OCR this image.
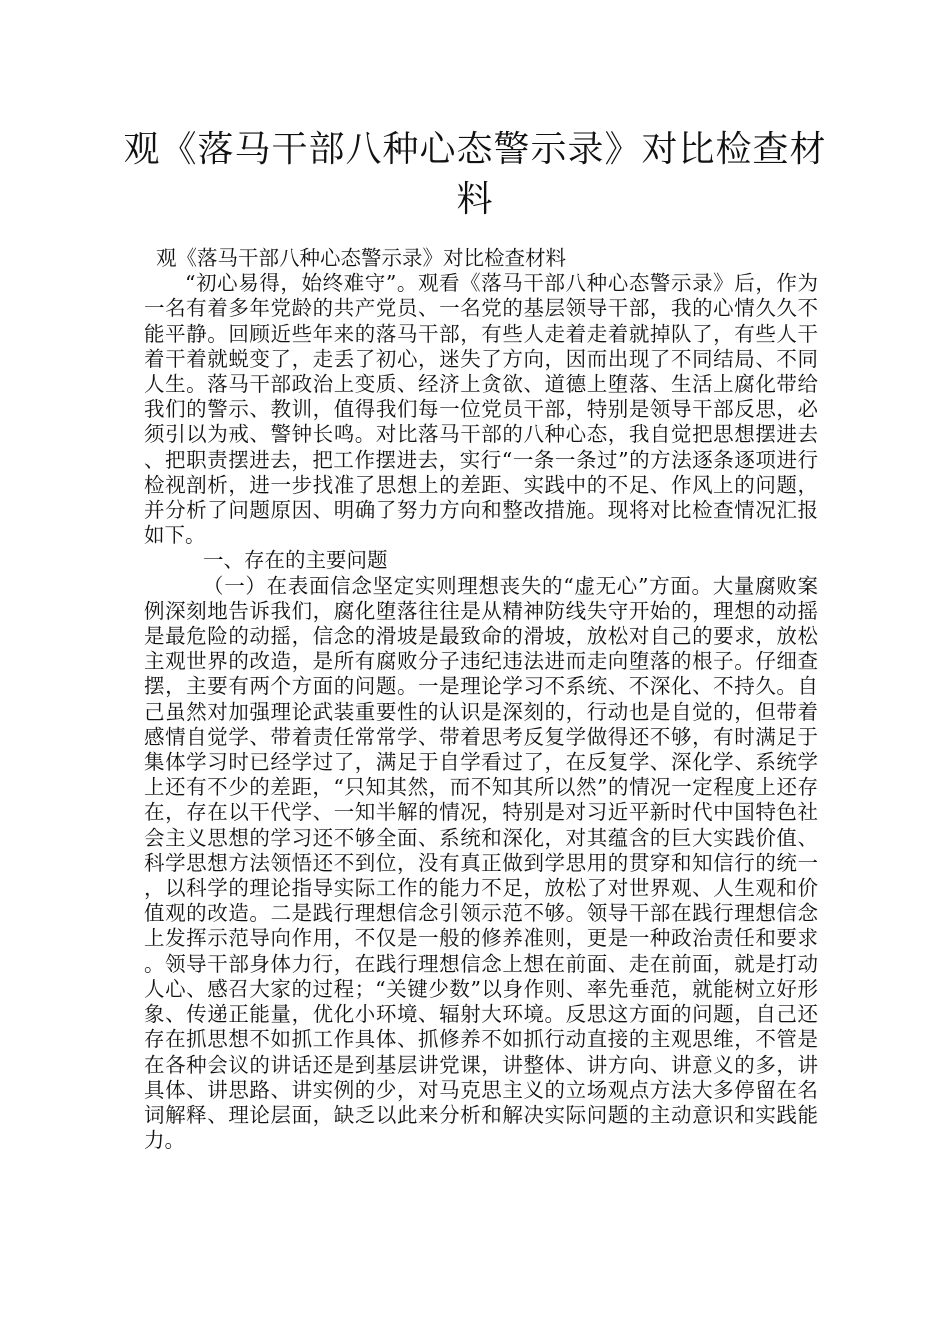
观《落马干部八种心态警示录》对比检查材料

观《落马干部八种心态警示录》对比检查材料

“初心易得，始终难守”。观看《落马干部八种心态警示录》后，作为一名有着多年党龄的共产党员、一名党的基层领导干部，我的心情久久不能平静。回顾近些年来的落马干部，有些人走着走着就掉队了，有些人干着干着就蜕变了，走丢了初心，迷失了方向，因而出现了不同结局、不同人生。落马干部政治上变质、经济上贪欲、道德上堕落、生活上腐化带给我们的警示、教训，值得我们每一位党员干部，特别是领导干部反思，必须引以为戒、警钟长鸣。对比落马干部的八种心态，我自觉把思想摆进去、把职责摆进去，把工作摆进去，实行“一条一条过”的方法逐条逐项进行检视剖析，进一步找准了思想上的差距、实践中的不足、作风上的问题，并分析了问题原因、明确了努力方向和整改措施。现将对比检查情况汇报如下。

一、存在的主要问题

（一）在表面信念坚定实则理想丧失的“虚无心”方面。大量腐败案例深刻地告诉我们，腐化堕落往往是从精神防线失守开始的，理想的动摇是最危险的动摇，信念的滑坡是最致命的滑坡，放松对自己的要求，放松主观世界的改造，是所有腐败分子违纪违法进而走向堕落的根子。仔细查摆，主要有两个方面的问题。一是理论学习不系统、不深化、不持久。自己虽然对加强理论武装重要性的认识是深刻的，行动也是自觉的，但带着感情自觉学、带着责任常常学、带着思考反复学做得还不够，有时满足于集体学习时已经学过了，满足于自学看过了，在反复学、深化学、系统学上还有不少的差距，“只知其然，而不知其所以然”的情况一定程度上还存在，存在以干代学、一知半解的情况，特别是对习近平新时代中国特色社会主义思想的学习还不够全面、系统和深化，对其蕴含的巨大实践价值、科学思想方法领悟还不到位，没有真正做到学思用的贯穿和知信行的统一，以科学的理论指导实际工作的能力不足，放松了对世界观、人生观和价值观的改造。二是践行理想信念引领示范不够。领导干部在践行理想信念上发挥示范导向作用，不仅是一般的修养准则，更是一种政治责任和要求。领导干部身体力行，在践行理想信念上想在前面、走在前面，就是打动人心、感召大家的过程；“关键少数”以身作则、率先垂范，就能树立好形象、传递正能量，优化小环境、辐射大环境。反思这方面的问题，自己还存在抓思想不如抓工作具体、抓修养不如抓行动直接的主观思维，不管是在各种会议的讲话还是到基层讲党课，讲整体、讲方向、讲意义的多，讲具体、讲思路、讲实例的少，对马克思主义的立场观点方法大多停留在名词解释、理论层面，缺乏以此来分析和解决实际问题的主动意识和实践能力。
